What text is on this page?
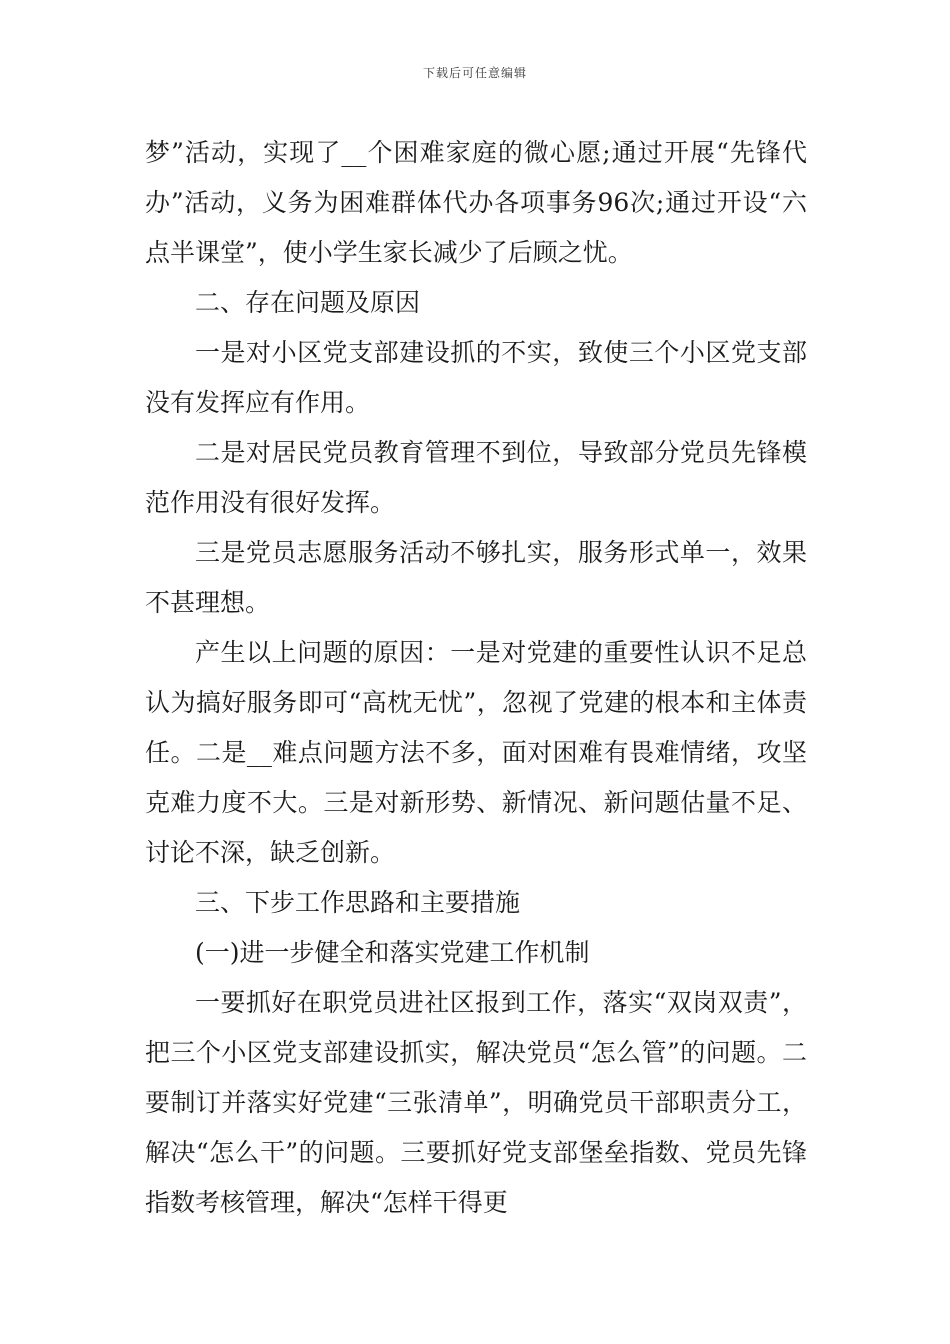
下载后可任意编辑

梦”活动，实现了__个困难家庭的微心愿;通过开展“先锋代办”活动，义务为困难群体代办各项事务96次;通过开设“六点半课堂”，使小学生家长减少了后顾之忧。

二、存在问题及原因

一是对小区党支部建设抓的不实，致使三个小区党支部没有发挥应有作用。

二是对居民党员教育管理不到位，导致部分党员先锋模范作用没有很好发挥。

三是党员志愿服务活动不够扎实，服务形式单一，效果不甚理想。

产生以上问题的原因：一是对党建的重要性认识不足总认为搞好服务即可“高枕无忧”，忽视了党建的根本和主体责任。二是__难点问题方法不多，面对困难有畏难情绪，攻坚克难力度不大。三是对新形势、新情况、新问题估量不足、讨论不深，缺乏创新。

三、下步工作思路和主要措施

(一)进一步健全和落实党建工作机制

一要抓好在职党员进社区报到工作，落实“双岗双责”，把三个小区党支部建设抓实，解决党员“怎么管”的问题。二要制订并落实好党建“三张清单”，明确党员干部职责分工，解决“怎么干”的问题。三要抓好党支部堡垒指数、党员先锋指数考核管理，解决“怎样干得更
